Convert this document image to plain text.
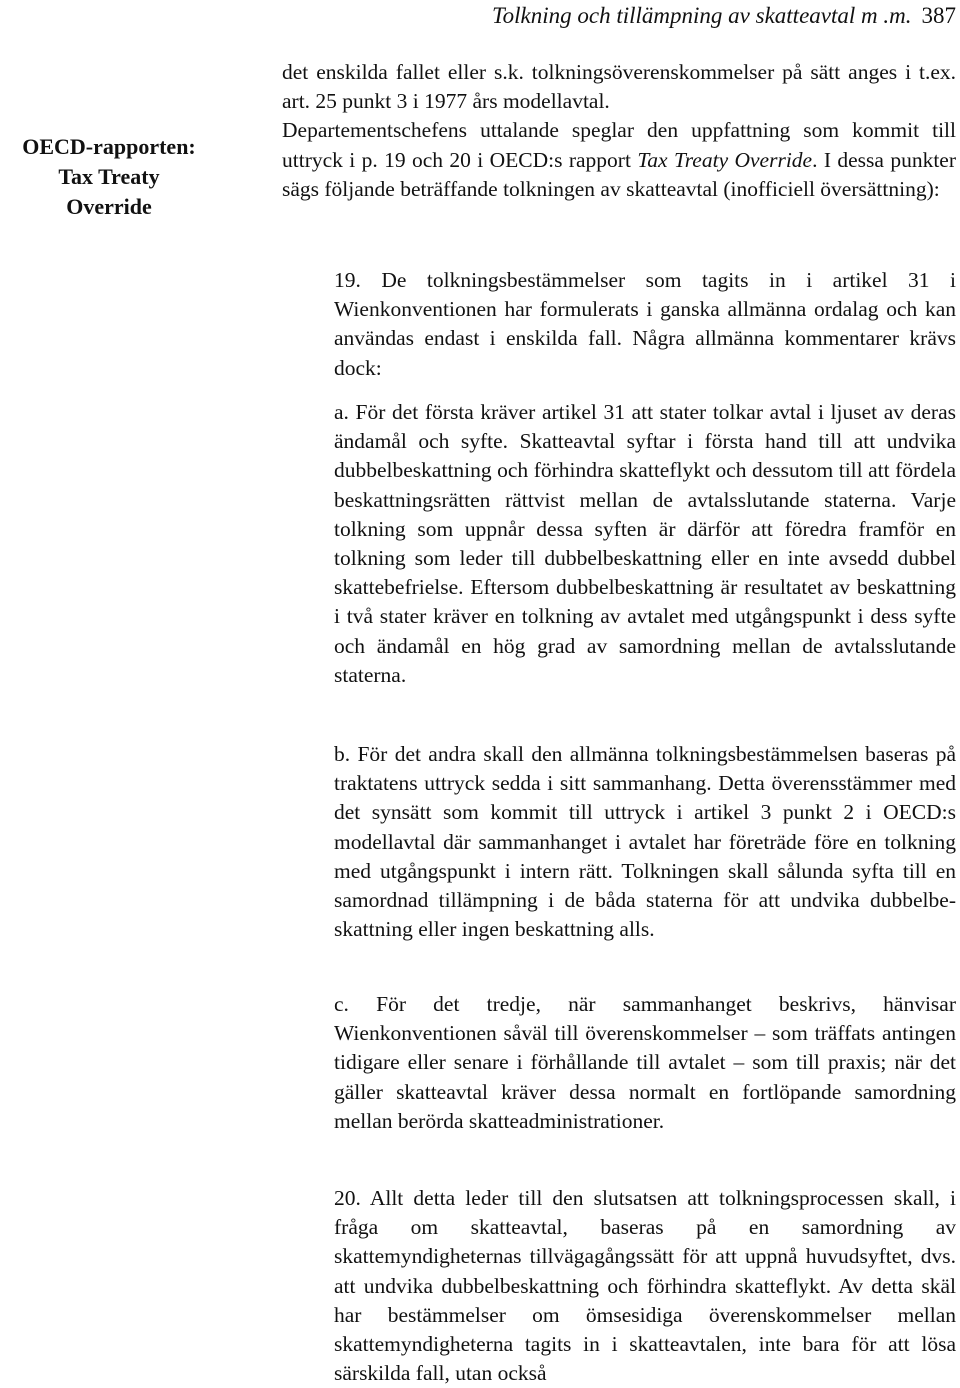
Tolkning och tillämpning av skatteavtal m .m. 387
OECD-rapporten:
Tax Treaty
Override

det enskilda fallet eller s.k. tolkningsöverenskommelser på sätt anges i t.ex. art. 25 punkt 3 i 1977 års modellavtal.

Departementschefens uttalande speglar den uppfattning som kommit till uttryck i p. 19 och 20 i OECD:s rapport Tax Treaty Override. I dessa punkter sägs följande beträffande tolkningen av skatteavtal (inofficiell översättning):

19. De tolkningsbestämmelser som tagits in i artikel 31 i Wienkonventionen har formulerats i ganska allmänna ordalag och kan användas endast i enskilda fall. Några allmänna kommentarer krävs dock:

a. För det första kräver artikel 31 att stater tolkar avtal i ljuset av deras ändamål och syfte. Skatteavtal syftar i första hand till att undvika dubbelbeskattning och förhindra skatteflykt och dessutom till att fördela beskattningsrätten rättvist mellan de avtalsslutande staterna. Varje tolkning som uppnår dessa syften är därför att föredra framför en tolkning som leder till dubbelbeskattning eller en inte avsedd dubbel skattebefrielse. Eftersom dubbelbeskattning är resultatet av beskattning i två stater kräver en tolkning av avtalet med utgångspunkt i dess syfte och ändamål en hög grad av samordning mellan de avtalsslutande staterna.

b. För det andra skall den allmänna tolkningsbestämmelsen baseras på traktatens uttryck sedda i sitt sammanhang. Detta överensstämmer med det synsätt som kommit till uttryck i artikel 3 punkt 2 i OECD:s modellavtal där sammanhanget i avtalet har företräde före en tolkning med utgångspunkt i intern rätt. Tolkningen skall sålunda syfta till en samordnad tillämpning i de båda staterna för att undvika dubbelbeskattning eller ingen beskattning alls.

c. För det tredje, när sammanhanget beskrivs, hänvisar Wienkonventionen såväl till överenskommelser – som träffats antingen tidigare eller senare i förhållande till avtalet – som till praxis; när det gäller skatteavtal kräver dessa normalt en fortlöpande samordning mellan berörda skatteadministrationer.

20. Allt detta leder till den slutsatsen att tolkningsprocessen skall, i fråga om skatteavtal, baseras på en samordning av skattemyndigheternas tillvägagångssätt för att uppnå huvudsyftet, dvs. att undvika dubbelbeskattning och förhindra skatteflykt. Av detta skäl har bestämmelser om ömsesidiga överenskommelser mellan skattemyndigheterna tagits in i skatteavtalen, inte bara för att lösa särskilda fall, utan också
